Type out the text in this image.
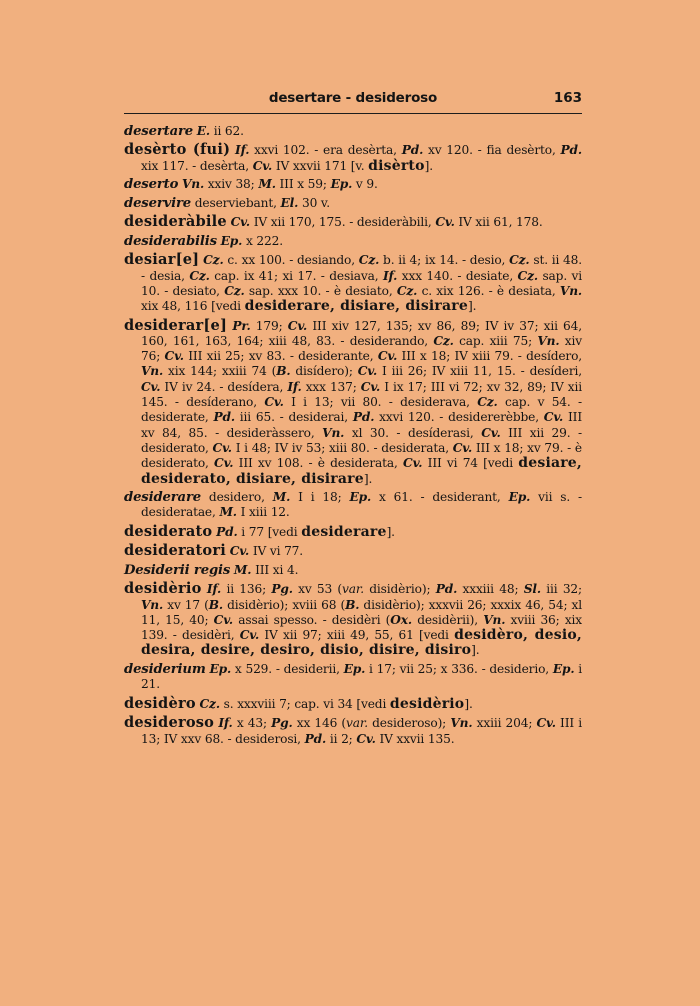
desertare - desideroso	163

desertare E. ii 62.

desèrto (fui) If. xxvi 102. - era desèrta, Pd. xv 120. - fia desèrto, Pd. xix 117. - desèrta, Cv. IV xxvii 171 [v. disèrto].

deserto Vn. xxiv 38; M. III x 59; Ep. v 9.

deservire deserviebant, El. 30 v.

desideràbile Cv. IV xii 170, 175. - desideràbili, Cv. IV xii 61, 178.

desiderabilis Ep. x 222.

desiar[e] Cz. c. xx 100. - desiando, Cz. b. ii 4; ix 14. - desio, Cz. st. ii 48. - desia, Cz. cap. ix 41; xi 17. - desiava, If. xxx 140. - desiate, Cz. sap. vi 10. - desiato, Cz. sap. xxx 10. - è desiato, Cz. c. xix 126. - è desiata, Vn. xix 48, 116 [vedi desiderare, disiare, disirare].

desiderar[e] Pr. 179; Cv. III xiv 127, 135; xv 86, 89; IV iv 37; xii 64, 160, 161, 163, 164; xiii 48, 83. - desiderando, Cz. cap. xiii 75; Vn. xiv 76; Cv. III xii 25; xv 83. - desiderante, Cv. III x 18; IV xiii 79. - desídero, Vn. xix 144; xxiii 74 (B. disídero); Cv. I iii 26; IV xiii 11, 15. - desíderi, Cv. IV iv 24. - desídera, If. xxx 137; Cv. I ix 17; III vi 72; xv 32, 89; IV xii 145. - desíderano, Cv. I i 13; vii 80. - desiderava, Cz. cap. v 54. - desiderate, Pd. iii 65. - desiderai, Pd. xxvi 120. - desidererèbbe, Cv. III xv 84, 85. - desideràssero, Vn. xl 30. - desíderasi, Cv. III xii 29. - desiderato, Cv. I i 48; IV iv 53; xiii 80. - desiderata, Cv. III x 18; xv 79. - è desiderato, Cv. III xv 108. - è desiderata, Cv. III vi 74 [vedi desiare, desiderato, disiare, disirare].

desiderare desidero, M. I i 18; Ep. x 61. - desiderant, Ep. vii s. - desideratae, M. I xiii 12.

desiderato Pd. i 77 [vedi desiderare].

desideratori Cv. IV vi 77.

Desiderii regis M. III xi 4.

desidèrio If. ii 136; Pg. xv 53 (var. disidèrio); Pd. xxxiii 48; Sl. iii 32; Vn. xv 17 (B. disidèrio); xviii 68 (B. disidèrio); xxxvii 26; xxxix 46, 54; xl 11, 15, 40; Cv. assai spesso. - desidèri (Ox. desidèrii), Vn. xviii 36; xix 139. - desidèri, Cv. IV xii 97; xiii 49, 55, 61 [vedi desidèro, desio, desira, desire, desiro, disio, disire, disiro].

desiderium Ep. x 529. - desiderii, Ep. i 17; vii 25; x 336. - desiderio, Ep. i 21.

desidèro Cz. s. xxxviii 7; cap. vi 34 [vedi desidèrio].

desideroso If. x 43; Pg. xx 146 (var. desideroso); Vn. xxiii 204; Cv. III i 13; IV xxv 68. - desiderosi, Pd. ii 2; Cv. IV xxvii 135.
